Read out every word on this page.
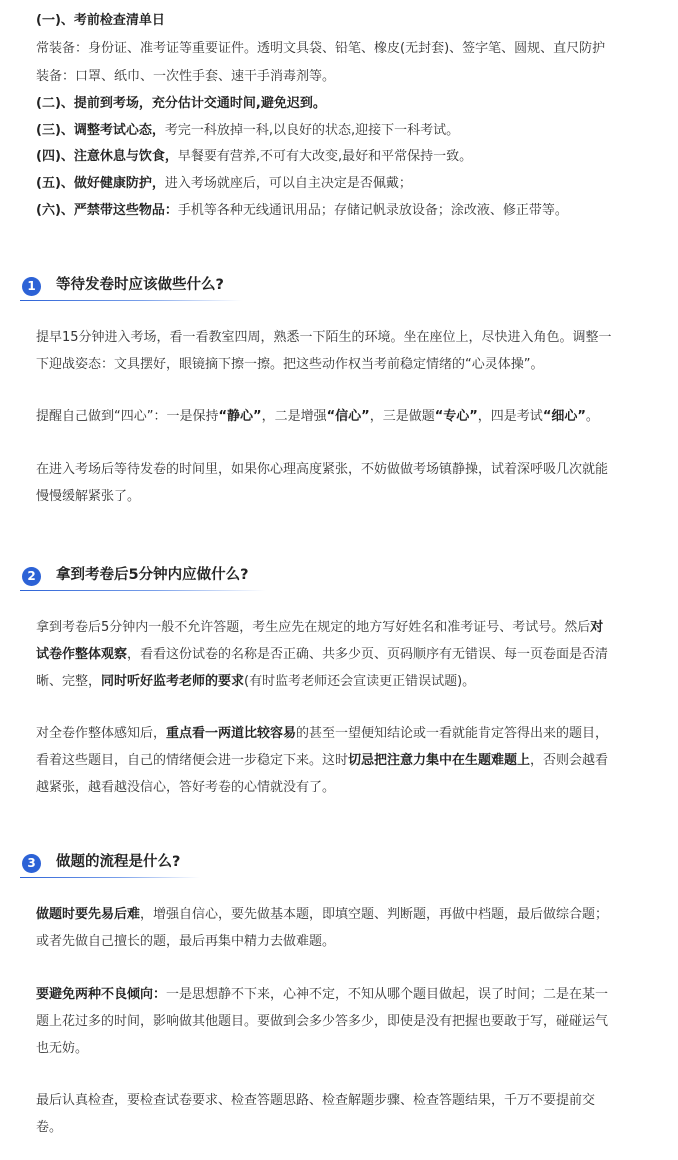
(一)、考前检查清单日
常装备：身份证、准考证等重要证件。透明文具袋、铅笔、橡皮(无封套)、签字笔、圆规、直尺防护
装备：口罩、纸巾、一次性手套、速干手消毒剂等。
(二)、提前到考场，充分估计交通时间,避免迟到。
(三)、调整考试心态，考完一科放掉一科,以良好的状态,迎接下一科考试。
(四)、注意休息与饮食，早餐要有营养,不可有大改变,最好和平常保持一致。
(五)、做好健康防护，进入考场就座后，可以自主决定是否佩戴；
(六)、严禁带这些物品：手机等各种无线通讯用品；存储记帆录放设备；涂改液、修正带等。
1	等待发卷时应该做些什么?
提早15分钟进入考场，看一看教室四周，熟悉一下陌生的环境。坐在座位上，尽快进入角色。调整一
下迎战姿态：文具摆好，眼镜摘下擦一擦。把这些动作权当考前稳定情绪的“心灵体操”。
提醒自己做到“四心”：一是保持“静心”，二是增强“信心”，三是做题“专心”，四是考试“细心”。
在进入考场后等待发卷的时间里，如果你心理高度紧张，不妨做做考场镇静操，试着深呼吸几次就能
慢慢缓解紧张了。
2	拿到考卷后5分钟内应做什么?
拿到考卷后5分钟内一般不允许答题，考生应先在规定的地方写好姓名和准考证号、考试号。然后对
试卷作整体观察，看看这份试卷的名称是否正确、共多少页、页码顺序有无错误、每一页卷面是否清
晰、完整，同时听好监考老师的要求(有时监考老师还会宣读更正错误试题)。
对全卷作整体感知后，重点看一两道比较容易的甚至一望便知结论或一看就能肯定答得出来的题目，
看着这些题目，自己的情绪便会进一步稳定下来。这时切忌把注意力集中在生题难题上，否则会越看
越紧张，越看越没信心，答好考卷的心情就没有了。
3	做题的流程是什么?
做题时要先易后难，增强自信心，要先做基本题，即填空题、判断题，再做中档题，最后做综合题；
或者先做自己擅长的题，最后再集中精力去做难题。
要避免两种不良倾向：一是思想静不下来，心神不定，不知从哪个题目做起，误了时间；二是在某一
题上花过多的时间，影响做其他题目。要做到会多少答多少，即使是没有把握也要敢于写，碰碰运气
也无妨。
最后认真检查，要检查试卷要求、检查答题思路、检查解题步骤、检查答题结果，千万不要提前交
卷。
